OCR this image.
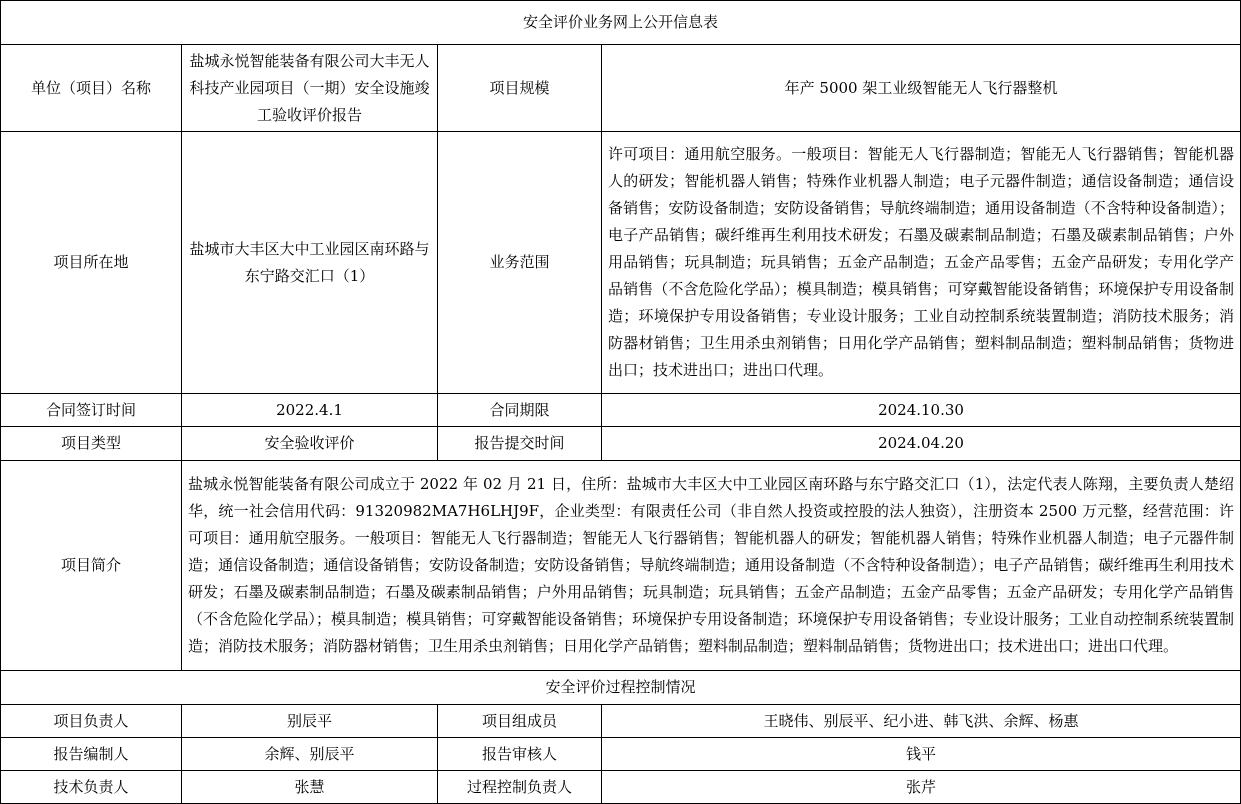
安全评价业务网上公开信息表			
单位（项目）名称	盐城永悦智能装备有限公司大丰无人科技产业园项目（一期）安全设施竣工验收评价报告	项目规模	年产 5000 架工业级智能无人飞行器整机
项目所在地	盐城市大丰区大中工业园区南环路与东宁路交汇口（1）	业务范围	许可项目：通用航空服务。一般项目：智能无人飞行器制造；智能无人飞行器销售；智能机器人的研发；智能机器人销售；特殊作业机器人制造；电子元器件制造；通信设备制造；通信设备销售；安防设备制造；安防设备销售；导航终端制造；通用设备制造（不含特种设备制造）；电子产品销售；碳纤维再生利用技术研发；石墨及碳素制品制造；石墨及碳素制品销售；户外用品销售；玩具制造；玩具销售；五金产品制造；五金产品零售；五金产品研发；专用化学产品销售（不含危险化学品）；模具制造；模具销售；可穿戴智能设备销售；环境保护专用设备制造；环境保护专用设备销售；专业设计服务；工业自动控制系统装置制造；消防技术服务；消防器材销售；卫生用杀虫剂销售；日用化学产品销售；塑料制品制造；塑料制品销售；货物进出口；技术进出口；进出口代理。
合同签订时间	2022.4.1	合同期限	2024.10.30
项目类型	安全验收评价	报告提交时间	2024.04.20
项目简介	盐城永悦智能装备有限公司成立于 2022 年 02 月 21 日，住所：盐城市大丰区大中工业园区南环路与东宁路交汇口（1），法定代表人陈翔，主要负责人楚绍华，统一社会信用代码：91320982MA7H6LHJ9F，企业类型：有限责任公司（非自然人投资或控股的法人独资），注册资本 2500 万元整，经营范围：许可项目：通用航空服务。一般项目：智能无人飞行器制造；智能无人飞行器销售；智能机器人的研发；智能机器人销售；特殊作业机器人制造；电子元器件制造；通信设备制造；通信设备销售；安防设备制造；安防设备销售；导航终端制造；通用设备制造（不含特种设备制造）；电子产品销售；碳纤维再生利用技术研发；石墨及碳素制品制造；石墨及碳素制品销售；户外用品销售；玩具制造；玩具销售；五金产品制造；五金产品零售；五金产品研发；专用化学产品销售（不含危险化学品）；模具制造；模具销售；可穿戴智能设备销售；环境保护专用设备制造；环境保护专用设备销售；专业设计服务；工业自动控制系统装置制造；消防技术服务；消防器材销售；卫生用杀虫剂销售；日用化学产品销售；塑料制品制造；塑料制品销售；货物进出口；技术进出口；进出口代理。		
安全评价过程控制情况			
项目负责人	别辰平	项目组成员	王晓伟、别辰平、纪小进、韩飞洪、余辉、杨惠
报告编制人	余辉、别辰平	报告审核人	钱平
技术负责人	张慧	过程控制负责人	张芹
